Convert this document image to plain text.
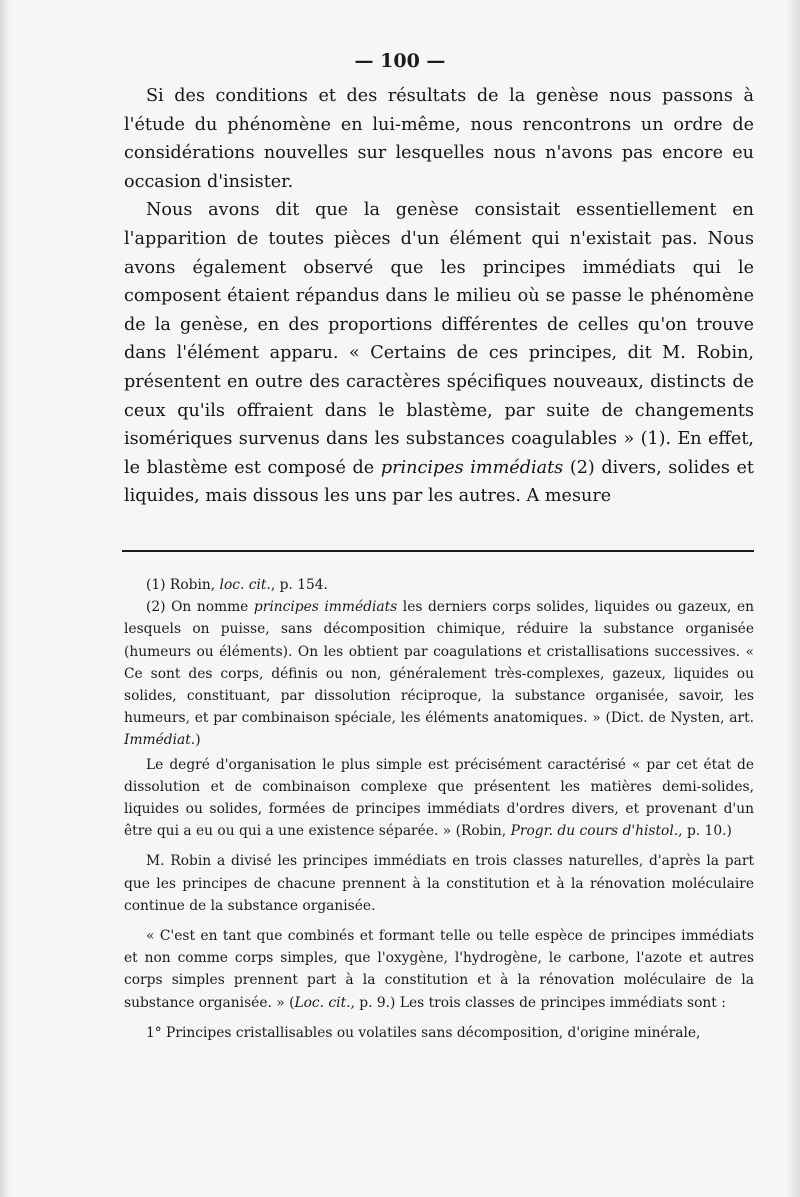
— 100 —

Si des conditions et des résultats de la genèse nous passons à l'étude du phénomène en lui-même, nous rencontrons un ordre de considérations nouvelles sur lesquelles nous n'avons pas encore eu occasion d'insister.

Nous avons dit que la genèse consistait essentiellement en l'apparition de toutes pièces d'un élément qui n'existait pas. Nous avons également observé que les principes immédiats qui le composent étaient répandus dans le milieu où se passe le phénomène de la genèse, en des proportions différentes de celles qu'on trouve dans l'élément apparu. « Certains de ces principes, dit M. Robin, présentent en outre des caractères spécifiques nouveaux, distincts de ceux qu'ils offraient dans le blastème, par suite de changements isomériques survenus dans les substances coagulables » (1). En effet, le blastème est composé de principes immédiats (2) divers, solides et liquides, mais dissous les uns par les autres. A mesure

(1) Robin, loc. cit., p. 154.

(2) On nomme principes immédiats les derniers corps solides, liquides ou gazeux, en lesquels on puisse, sans décomposition chimique, réduire la substance organisée (humeurs ou éléments). On les obtient par coagulations et cristallisations successives. « Ce sont des corps, définis ou non, généralement très-complexes, gazeux, liquides ou solides, constituant, par dissolution réciproque, la substance organisée, savoir, les humeurs, et par combinaison spéciale, les éléments anatomiques. » (Dict. de Nysten, art. Immédiat.)

Le degré d'organisation le plus simple est précisément caractérisé « par cet état de dissolution et de combinaison complexe que présentent les matières demi-solides, liquides ou solides, formées de principes immédiats d'ordres divers, et provenant d'un être qui a eu ou qui a une existence séparée. » (Robin, Progr. du cours d'histol., p. 10.)

M. Robin a divisé les principes immédiats en trois classes naturelles, d'après la part que les principes de chacune prennent à la constitution et à la rénovation moléculaire continue de la substance organisée.

« C'est en tant que combinés et formant telle ou telle espèce de principes immédiats et non comme corps simples, que l'oxygène, l'hydrogène, le carbone, l'azote et autres corps simples prennent part à la constitution et à la rénovation moléculaire de la substance organisée. » (Loc. cit., p. 9.) Les trois classes de principes immédiats sont :

1° Principes cristallisables ou volatiles sans décomposition, d'origine minérale,
